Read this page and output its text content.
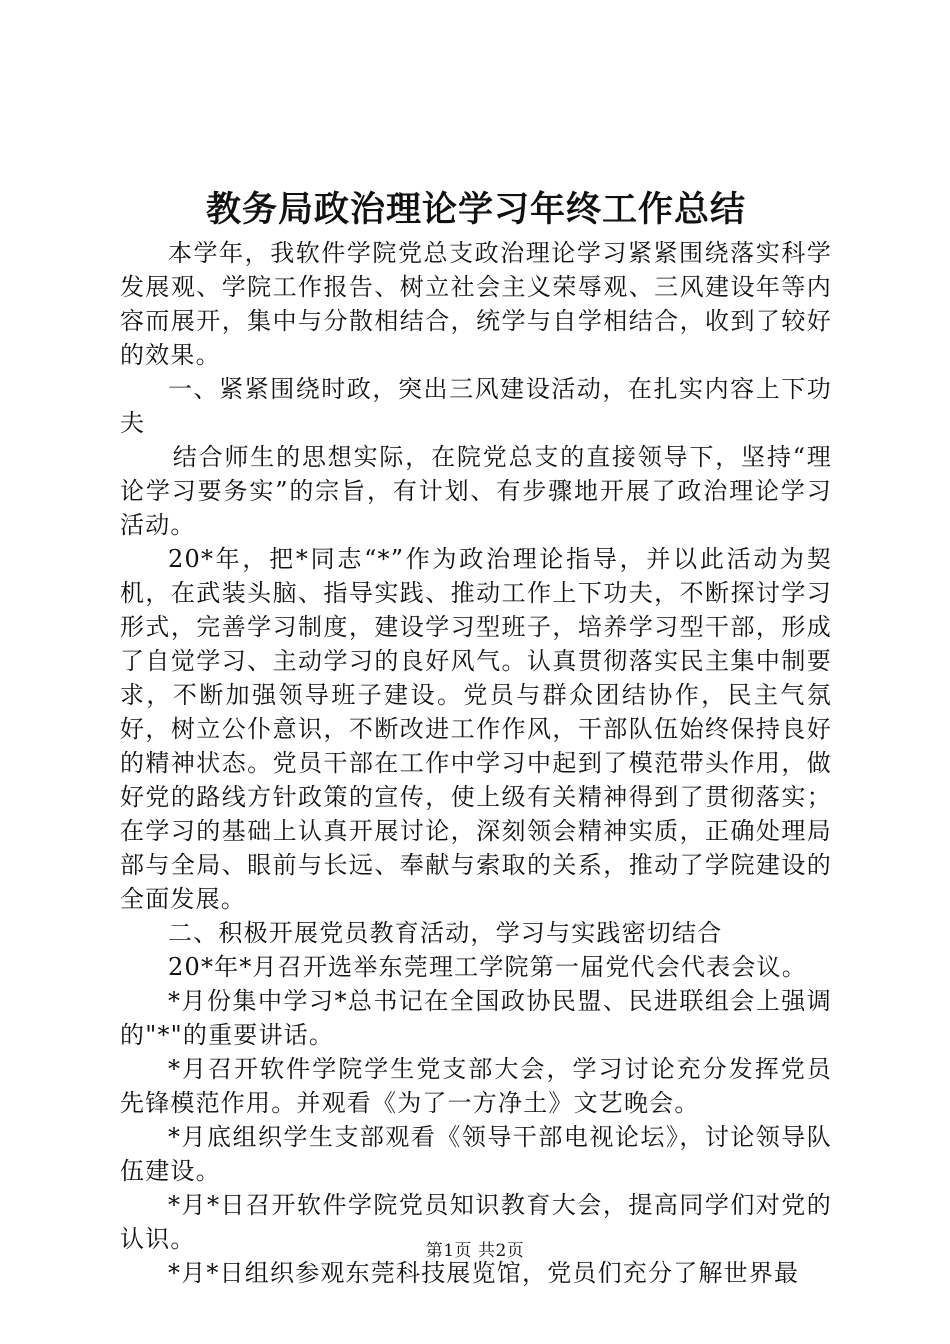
教务局政治理论学习年终工作总结

本学年，我软件学院党总支政治理论学习紧紧围绕落实科学发展观、学院工作报告、树立社会主义荣辱观、三风建设年等内容而展开，集中与分散相结合，统学与自学相结合，收到了较好的效果。

一、紧紧围绕时政，突出三风建设活动，在扎实内容上下功夫

结合师生的思想实际，在院党总支的直接领导下，坚持“理论学习要务实”的宗旨，有计划、有步骤地开展了政治理论学习活动。

20*年，把*同志“*”作为政治理论指导，并以此活动为契机，在武装头脑、指导实践、推动工作上下功夫，不断探讨学习形式，完善学习制度，建设学习型班子，培养学习型干部，形成了自觉学习、主动学习的良好风气。认真贯彻落实民主集中制要求，不断加强领导班子建设。党员与群众团结协作，民主气氛好，树立公仆意识，不断改进工作作风，干部队伍始终保持良好的精神状态。党员干部在工作中学习中起到了模范带头作用，做好党的路线方针政策的宣传，使上级有关精神得到了贯彻落实；在学习的基础上认真开展讨论，深刻领会精神实质，正确处理局部与全局、眼前与长远、奉献与索取的关系，推动了学院建设的全面发展。

二、积极开展党员教育活动，学习与实践密切结合

20*年*月召开选举东莞理工学院第一届党代会代表会议。

*月份集中学习*总书记在全国政协民盟、民进联组会上强调的"*"的重要讲话。

*月召开软件学院学生党支部大会，学习讨论充分发挥党员先锋模范作用。并观看《为了一方净土》文艺晚会。

*月底组织学生支部观看《领导干部电视论坛》，讨论领导队伍建设。

*月*日召开软件学院党员知识教育大会，提高同学们对党的认识。

*月*日组织参观东莞科技展览馆，党员们充分了解世界最

第1页 共2页
